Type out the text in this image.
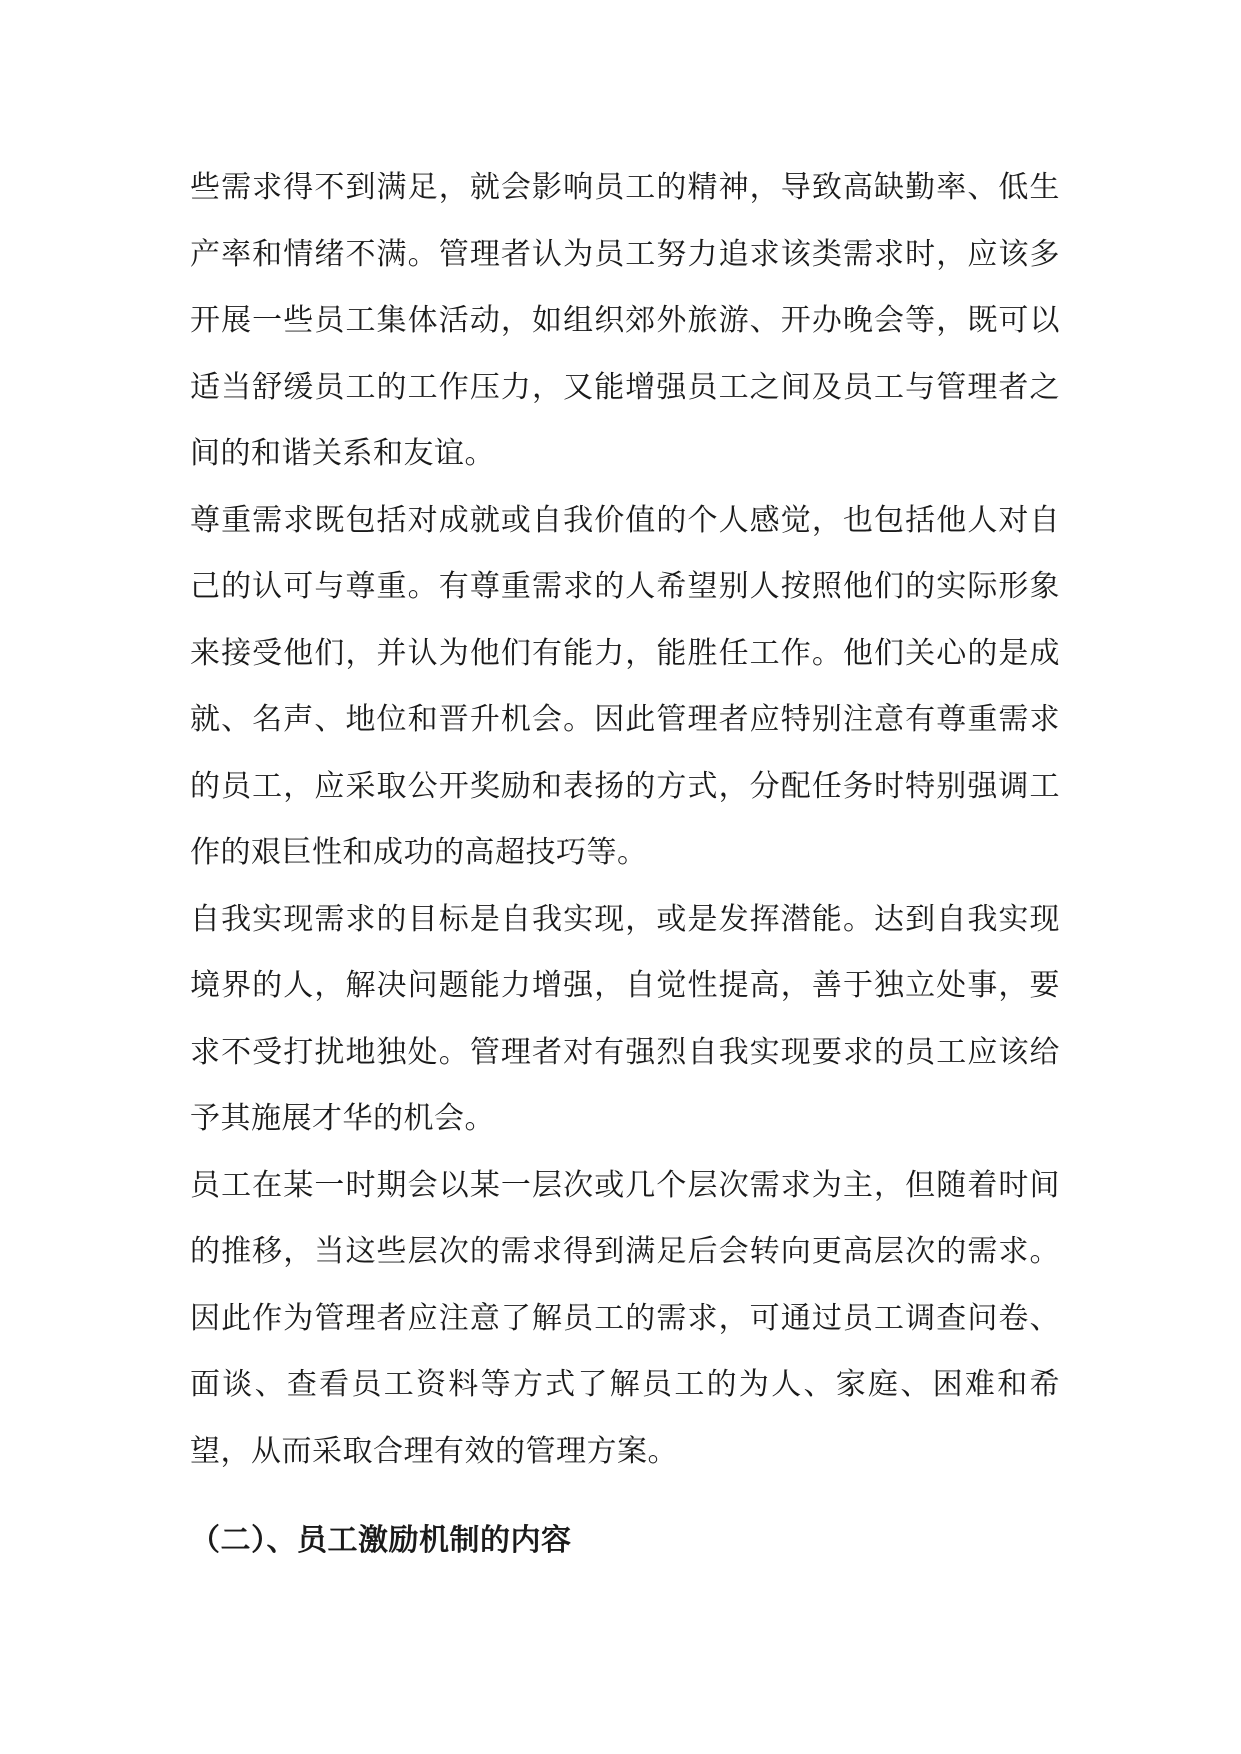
些需求得不到满足，就会影响员工的精神，导致高缺勤率、低生产率和情绪不满。管理者认为员工努力追求该类需求时，应该多开展一些员工集体活动，如组织郊外旅游、开办晚会等，既可以适当舒缓员工的工作压力，又能增强员工之间及员工与管理者之间的和谐关系和友谊。

尊重需求既包括对成就或自我价值的个人感觉，也包括他人对自己的认可与尊重。有尊重需求的人希望别人按照他们的实际形象来接受他们，并认为他们有能力，能胜任工作。他们关心的是成就、名声、地位和晋升机会。因此管理者应特别注意有尊重需求的员工，应采取公开奖励和表扬的方式，分配任务时特别强调工作的艰巨性和成功的高超技巧等。

自我实现需求的目标是自我实现，或是发挥潜能。达到自我实现境界的人，解决问题能力增强，自觉性提高，善于独立处事，要求不受打扰地独处。管理者对有强烈自我实现要求的员工应该给予其施展才华的机会。

员工在某一时期会以某一层次或几个层次需求为主，但随着时间的推移，当这些层次的需求得到满足后会转向更高层次的需求。因此作为管理者应注意了解员工的需求，可通过员工调查问卷、面谈、查看员工资料等方式了解员工的为人、家庭、困难和希望，从而采取合理有效的管理方案。

（二）、员工激励机制的内容
